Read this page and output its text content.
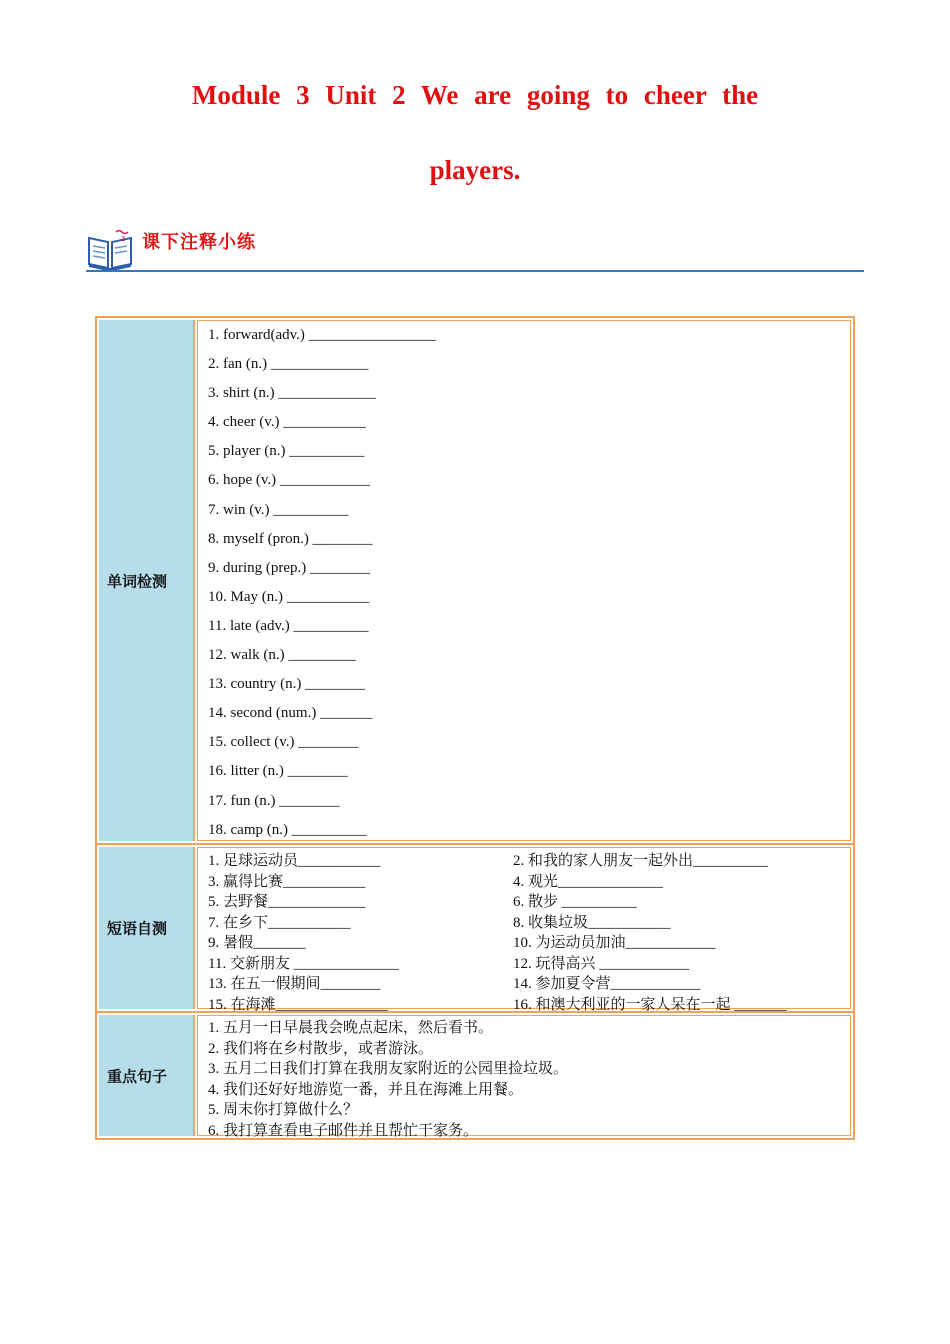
Module 3 Unit 2 We are going to cheer the
players.
z 课下注释小练
单词检测
1. forward(adv.) _________________
2. fan (n.) _____________
3. shirt (n.) _____________
4. cheer (v.) ___________
5. player (n.) __________
6. hope (v.) ____________
7. win (v.) __________
8. myself (pron.) ________
9. during (prep.) ________
10. May (n.) ___________
11. late (adv.) __________
12. walk (n.) _________
13. country (n.) ________
14. second (num.) _______
15. collect (v.) ________
16. litter (n.) ________
17. fun (n.) ________
18. camp (n.) __________
短语自测
1. 足球运动员___________	2. 和我的家人朋友一起外出__________
3. 赢得比赛___________	4. 观光______________
5. 去野餐_____________	6. 散步 __________
7. 在乡下___________	8. 收集垃圾___________
9. 暑假_______	10. 为运动员加油____________
11. 交新朋友 ______________	12. 玩得高兴 ____________
13. 在五一假期间________	14. 参加夏令营____________
15. 在海滩_______________	16. 和澳大利亚的一家人呆在一起 _______
重点句子
1. 五月一日早晨我会晚点起床，然后看书。
2. 我们将在乡村散步，或者游泳。
3. 五月二日我们打算在我朋友家附近的公园里捡垃圾。
4. 我们还好好地游览一番，并且在海滩上用餐。
5. 周末你打算做什么？
6. 我打算查看电子邮件并且帮忙干家务。
